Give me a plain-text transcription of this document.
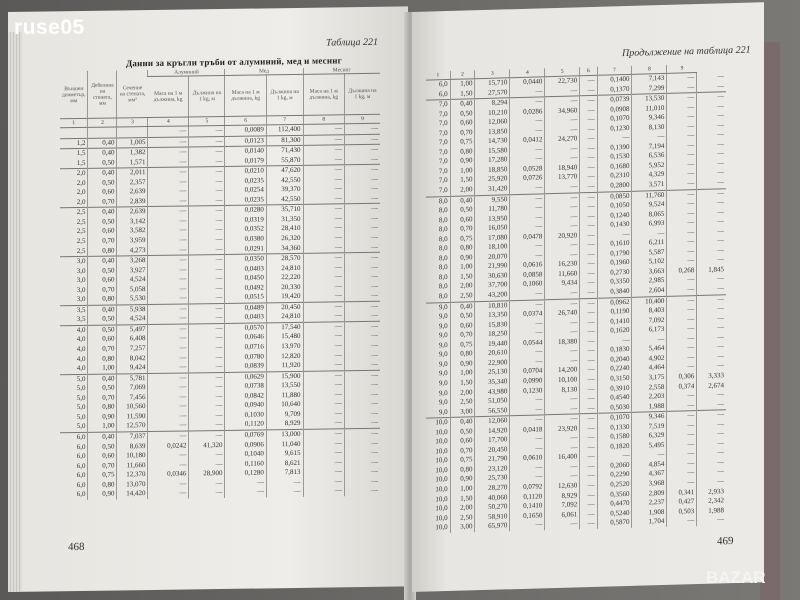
ruse05
BAZAR
Таблица 221
Данни за кръгли тръби от алуминий, мед и месинг
Външен диаметър, мм	Дебелина на стената, мм	Сечение на стената, мм²	Алуминий		Мед		Месинг	
			Маса на 1 м дължина, kg	Дължина на 1 kg, м	Маса на 1 м дължина, kg	Дължина на 1 kg, м	Маса на 1 м дължина, kg	Дължина на 1 kg, м
1	2	3	4	5	6	7	8	9
			—	—	0,0089	112,400	—	—
1,2	0,40	1,005	—	—	0,0123	81,300	—	—
1,5	0,40	1,382	—	—	0,0140	71,430	—	—
1,5	0,50	1,571	—	—	0,0179	55,870	—	—
2,0	0,40	2,011	—	—	0,0210	47,620	—	—
2,0	0,50	2,357	—	—	0,0235	42,550	—	—
2,0	0,60	2,639	—	—	0,0254	39,370	—	—
2,0	0,70	2,839	—	—	0,0235	42,550	—	—
2,5	0,40	2,639	—	—	0,0280	35,710	—	—
2,5	0,50	3,142	—	—	0,0319	31,350	—	—
2,5	0,60	3,582	—	—	0,0352	28,410	—	—
2,5	0,70	3,959	—	—	0,0380	26,320	—	—
2,5	0,80	4,273	—	—	0,0291	34,360	—	—
3,0	0,40	3,268	—	—	0,0350	28,570	—	—
3,0	0,50	3,927	—	—	0,0403	24,810	—	—
3,0	0,60	4,524	—	—	0,0450	22,220	—	—
3,0	0,70	5,058	—	—	0,0492	20,330	—	—
3,0	0,80	5,530	—	—	0,0515	19,420	—	—
3,5	0,40	5,938	—	—	0,0489	20,450	—	—
3,5	0,50	4,524	—	—	0,0403	24,810	—	—
4,0	0,50	5,497	—	—	0,0570	17,540	—	—
4,0	0,60	6,408	—	—	0,0646	15,480	—	—
4,0	0,70	7,257	—	—	0,0716	13,970	—	—
4,0	0,80	8,042	—	—	0,0780	12,820	—	—
4,0	1,00	9,424	—	—	0,0839	11,920	—	—
5,0	0,40	5,781	—	—	0,0629	15,900	—	—
5,0	0,50	7,069	—	—	0,0738	13,550	—	—
5,0	0,70	7,456	—	—	0,0842	11,880	—	—
5,0	0,80	10,560	—	—	0,0940	10,640	—	—
5,0	0,90	11,590	—	—	0,1030	9,709	—	—
5,0	1,00	12,570	—	—	0,1120	8,929	—	—
6,0	0,40	7,037	—	—	0,0769	13,000	—	—
6,0	0,50	8,639	0,0242	41,320	0,0906	11,040	—	—
6,0	0,60	10,180	—	—	0,1040	9,615	—	—
6,0	0,70	11,660	—	—	0,1160	8,621	—	—
6,0	0,75	12,370	0,0346	28,900	0,1280	7,813	—	—
6,0	0,80	13,070	—	—	—	—	—	—
6,0	0,90	14,420	—	—	—	—	—	—
468
Продължение на таблица 221
1	2	3	4	5	6	7	8	9	
6,0	1,00	15,710	0,0440	22,730	—	0,1400	7,143	—	—
6,0	1,50	27,570	—	—	—	0,1370	7,299	—	—
7,0	0,40	8,294	—	—	—	0,0739	13,530	—	—
7,0	0,50	10,210	0,0286	34,960	—	0,0908	11,010	—	—
7,0	0,60	12,060	—	—	—	0,1070	9,346	—	—
7,0	0,70	13,850	—	—	—	0,1230	8,130	—	—
7,0	0,75	14,730	0,0412	24,270	—	—	—	—	—
7,0	0,80	15,580	—	—	—	0,1390	7,194	—	—
7,0	0,90	17,280	—	—	—	0,1530	6,536	—	—
7,0	1,00	18,850	0,0528	18,940	—	0,1680	5,952	—	—
7,0	1,50	25,920	0,0726	13,770	—	0,2310	4,329	—	—
7,0	2,00	31,420	—	—	—	0,2800	3,571	—	—
8,0	0,40	9,550	—	—	—	0,0850	11,760	—	—
8,0	0,50	11,780	—	—	—	0,1050	9,524	—	—
8,0	0,60	13,950	—	—	—	0,1240	8,065	—	—
8,0	0,70	16,050	—	—	—	0,1430	6,993	—	—
8,0	0,75	17,080	0,0478	20,920	—	—	—	—	—
8,0	0,80	18,100	—	—	—	0,1610	6,211	—	—
8,0	0,90	20,070	—	—	—	0,1790	5,587	—	—
8,0	1,00	21,990	0,0616	16,230	—	0,1960	5,102	—	—
8,0	1,50	30,630	0,0858	11,660	—	0,2730	3,663	0,268	1,845
8,0	2,00	37,700	0,1060	9,434	—	0,3350	2,985	—	—
8,0	2,50	43,200	—	—	—	0,3840	2,604	—	—
9,0	0,40	10,810	—	—	—	0,0962	10,400	—	—
9,0	0,50	13,350	0,0374	26,740	—	0,1190	8,403	—	—
9,0	0,60	15,830	—	—	—	0,1410	7,092	—	—
9,0	0,70	18,250	—	—	—	0,1620	6,173	—	—
9,0	0,75	19,440	0,0544	18,380	—	—	—	—	—
9,0	0,80	20,610	—	—	—	0,1830	5,464	—	—
9,0	0,90	22,900	—	—	—	0,2040	4,902	—	—
9,0	1,00	25,130	0,0704	14,200	—	0,2240	4,464	—	—
9,0	1,50	35,340	0,0990	10,100	—	0,3150	3,175	0,306	3,333
9,0	2,00	43,980	0,1230	8,130	—	0,3910	2,558	0,374	2,674
9,0	2,50	51,050	—	—	—	0,4540	2,203	—	—
9,0	3,00	56,550	—	—	—	0,5030	1,988	—	—
10,0	0,40	12,060	—	—	—	0,1070	9,346	—	—
10,0	0,50	14,920	0,0418	23,920	—	0,1330	7,519	—	—
10,0	0,60	17,700	—	—	—	0,1580	6,329	—	—
10,0	0,70	20,450	—	—	—	0,1820	5,495	—	—
10,0	0,75	21,790	0,0610	16,400	—	—	—	—	—
10,0	0,80	23,120	—	—	—	0,2060	4,854	—	—
10,0	0,90	25,730	—	—	—	0,2290	4,367	—	—
10,0	1,00	28,270	0,0792	12,630	—	0,2520	3,968	—	—
10,0	1,50	40,060	0,1120	8,929	—	0,3560	2,809	0,341	2,933
10,0	2,00	50,270	0,1410	7,092	—	0,4470	2,237	0,427	2,342
10,0	2,50	58,910	0,1650	6,061	—	0,5240	1,908	0,503	1,988
10,0	3,00	65,970	—	—	—	0,5870	1,704	—	—
469
